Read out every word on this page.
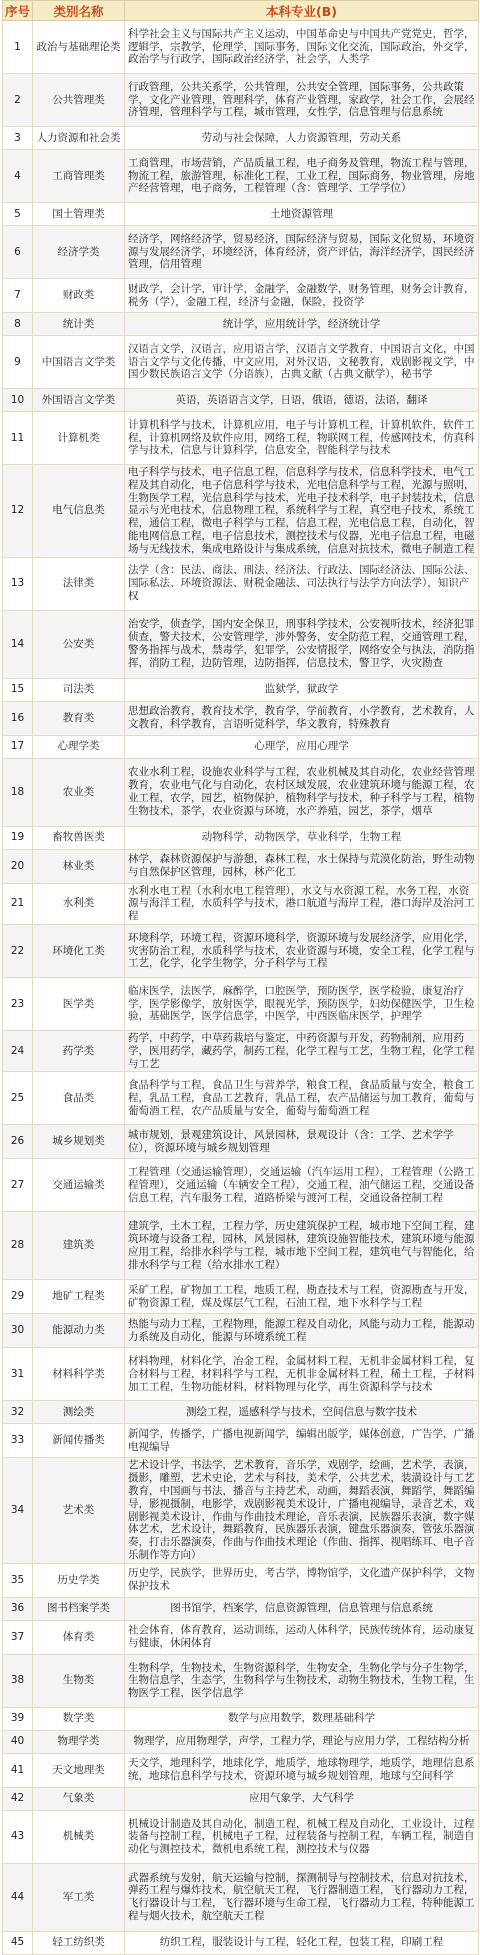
序号	类别名称	本科专业(B)
1	政治与基础理论类	科学社会主义与国际共产主义运动，中国革命史与中国共产党党史，哲学，逻辑学，宗教学，伦理学，国际事务，国际文化交流，国际政治，外交学，政治学与行政学，国际政治经济学，社会学，人类学
2	公共管理类	行政管理，公共关系学，公共管理，公共安全管理，国际事务，公共政策学，文化产业管理，管理科学，体育产业管理，家政学，社会工作，会展经济管理，管理科学与工程，城市管理，女性学，信息管理与信息系统
3	人力资源和社会类	劳动与社会保障，人力资源管理，劳动关系
4	工商管理类	工商管理，市场营销，产品质量工程，电子商务及管理，物流工程与管理，物流工程，旅游管理，标准化工程，工业工程，国际商务，物业管理，房地产经营管理，电子商务，工程管理（含：管理学、工学学位）
5	国土管理类	土地资源管理
6	经济学类	经济学，网络经济学，贸易经济，国际经济与贸易，国际文化贸易，环境资源与发展经济学，环境经济，体育经济，资产评估，海洋经济学，国民经济管理，信用管理
7	财政类	财政学，会计学，审计学，金融学，金融数学，财务管理，财务会计教育，税务（学），金融工程，经济与金融，保险，投资学
8	统计类	统计学，应用统计学，经济统计学
9	中国语言文学类	汉语言文学，汉语言，应用语言学，汉语言文学教育，中国语言文化，中国语言文学与文化传播，中文应用，对外汉语，文秘教育，戏剧影视文学，中国少数民族语言文学（分语族），古典文献（古典文献学），秘书学
10	外国语言文学类	英语，英语语言文学，日语，俄语，德语，法语，翻译
11	计算机类	计算机科学与技术，计算机应用，电子与计算机工程，计算机软件，软件工程，计算机网络及软件应用，网络工程，物联网工程，传感网技术，仿真科学与技术，信息与计算科学，信息安全，智能科学与技术
12	电气信息类	电子科学与技术，电子信息工程，信息科学与技术，信息科学技术，电气工程及其自动化，电子信息科学与技术，光电信息科学与工程，光源与照明，生物医学工程，光信息科学与技术，光电子技术科学，电子封装技术，信息显示与光电技术，信息物理工程，系统科学与工程，真空电子技术，系统工程，通信工程，微电子科学与工程，信息工程，光电信息工程，自动化，智能电网信息工程，电子信息技术，测控技术与仪器，光电子信息工程，电磁场与无线技术，集成电路设计与集成系统，信息对抗技术，微电子制造工程
13	法律类	法学（含：民法、商法、刑法、经济法、行政法、国际经济法、国际公法、国际私法、环境资源法、财税金融法、司法执行与法学方向法学），知识产权
14	公安类	治安学，侦查学，国内安全保卫，刑事科学技术，公安视听技术，经济犯罪侦查，警犬技术，公安管理学，涉外警务，安全防范工程，交通管理工程，警务指挥与战术，禁毒学，犯罪学，公安情报学，网络安全与执法，消防指挥，消防工程，边防管理，边防指挥，信息技术，警卫学，火灾勘查
15	司法类	监狱学，狱政学
16	教育类	思想政治教育，教育技术学，教育学，学前教育，小学教育，艺术教育，人文教育，科学教育，言语听觉科学，华文教育，特殊教育
17	心理学类	心理学，应用心理学
18	农业类	农业水利工程，设施农业科学与工程，农业机械及其自动化，农业经营管理教育，农业电气化与自动化，农村区域发展，农业建筑环境与能源工程，农业工程，农学，园艺，植物保护，植物科学与技术，种子科学与工程，植物生物技术，茶学，农业资源与环境，水产养殖，园艺，茶学，烟草
19	畜牧兽医类	动物科学，动物医学，草业科学，生物工程
20	林业类	林学，森林资源保护与游憩，森林工程，水土保持与荒漠化防治，野生动物与自然保护区管理，园林，林产化工
21	水利类	水利水电工程（水利水电工程管理），水文与水资源工程，水务工程，水资源与海洋工程，水质科学与技术，港口航道与海岸工程，港口海岸及治河工程
22	环境化工类	环境科学，环境工程，资源环境科学，资源环境与发展经济学，应用化学，灾害防治工程，水质科学与技术，农业资源与环境，安全工程，化学工程与工艺，化学，化学生物学，分子科学与工程
23	医学类	临床医学，法医学，麻醉学，口腔医学，预防医学，医学检验，康复治疗学，医学影像学，放射医学，眼视光学，预防医学，妇幼保健医学，卫生检验，基础医学，医学信息学，中医学，中西医临床医学，护理学
24	药学类	药学，中药学，中草药栽培与鉴定，中药资源与开发，药物制剂，应用药学，医用药学，藏药学，制药工程，化学工程与工艺，生物工程，化学工程与工艺
25	食品类	食品科学与工程，食品卫生与营养学，粮食工程，食品质量与安全，粮食工程，乳品工程，食品工艺教育，乳品工程，农产品储运与加工教育，葡萄与葡萄酒工程，农产品质量与安全，葡萄与葡萄酒工程
26	城乡规划类	城市规划，景观建筑设计，风景园林，景观设计（含：工学、艺术学学位），资源环境与城乡规划管理
27	交通运输类	工程管理（交通运输管理），交通运输（汽车运用工程），工程管理（公路工程管理），交通运输（车辆安全工程），交通工程，油气储运工程，交通设备信息工程，汽车服务工程，道路桥梁与渡河工程，交通设备控制工程
28	建筑类	建筑学，土木工程，工程力学，历史建筑保护工程，城市地下空间工程，建筑环境与设备工程，园林，风景园林，建筑设施智能技术，建筑环境与能源应用工程，给排水科学与工程，城市地下空间工程，建筑电气与智能化，给排水科学与工程（给水排水工程）
29	地矿工程类	采矿工程，矿物加工工程，地质工程，勘查技术与工程，资源勘查与开发，矿物资源工程，煤及煤层气工程，石油工程，地下水科学与工程
30	能源动力类	热能与动力工程，工程物理，能源工程及自动化，风能与动力工程，能源动力系统及自动化，能源与环境系统工程
31	材料科学类	材料物理，材料化学，冶金工程，金属材料工程，无机非金属材料工程，复合材料与工程，材料科学与工程，无机非金属材料工程，稀土工程，子材料加工工程，生物功能材料，材料物理与化学，再生资源科学与技术
32	测绘类	测绘工程，遥感科学与技术，空间信息与数字技术
33	新闻传播类	新闻学，传播学，广播电视新闻学，编辑出版学，媒体创意，广告学，广播电视编导
34	艺术类	艺术设计学，书法学，艺术教育，音乐学，戏剧学，绘画，艺术学，表演，摄影，雕塑，艺术史论，艺术与科技，美术学，公共艺术，装潢设计与工艺教育，中国画与书法，播音与主持艺术，动画，舞蹈表演，舞蹈学，舞蹈编导，影视摄制，电影学，戏剧影视美术设计，广播电视编导，录音艺术，戏剧影视美术设计，作曲与作曲技术理论，音乐表演，民族器乐表演，数字媒体艺术，艺术设计，舞蹈教育，民族器乐表演，键盘乐器演奏，管弦乐器演奏，打击乐器演奏，作曲与作曲技术理论（作曲、指挥、视唱练耳、电子音乐制作等方向）
35	历史学类	历史学，民族学，世界历史，考古学，博物馆学，文化遗产保护科学，文物保护技术
36	图书档案学类	图书馆学，档案学，信息资源管理，信息管理与信息系统
37	体育类	社会体育，体育教育，运动训练，运动人体科学，民族传统体育，运动康复与健康，休闲体育
38	生物类	生物科学，生物技术，生物资源科学，生物安全，生物化学与分子生物学，生物信息学，生态学，生物科学与生物技术，动物生物技术，生物工程，生物医学工程，医学信息学
39	数学类	数学与应用数学，数理基础科学
40	物理学类	物理学，应用物理学，声学，工程力学，理论与应用力学，工程结构分析
41	天文地理类	天文学，地理科学，地球化学，地质学，地球物理学，地质学，地理信息系统，地球信息科学与技术，资源环境与城乡规划管理，地球与空间科学
42	气象类	应用气象学，大气科学
43	机械类	机械设计制造及其自动化，制造工程，机械工程及自动化，工业设计，过程装备与控制工程，机械电子工程，过程装备与控制工程，车辆工程，制造自动化与测控技术，微机电系统工程，测控技术与仪器
44	军工类	武器系统与发射，航天运输与控制，探测制导与控制技术，信息对抗技术，弹药工程与爆炸技术，航空航天工程，飞行器制造工程，飞行器动力工程，飞行器设计与工程，飞行器环境与生命工程，飞行器动力工程，特种能源工程与烟火技术，航空航天工程
45	轻工纺织类	纺织工程，服装设计与工程，轻化工程，包装工程，印刷工程
